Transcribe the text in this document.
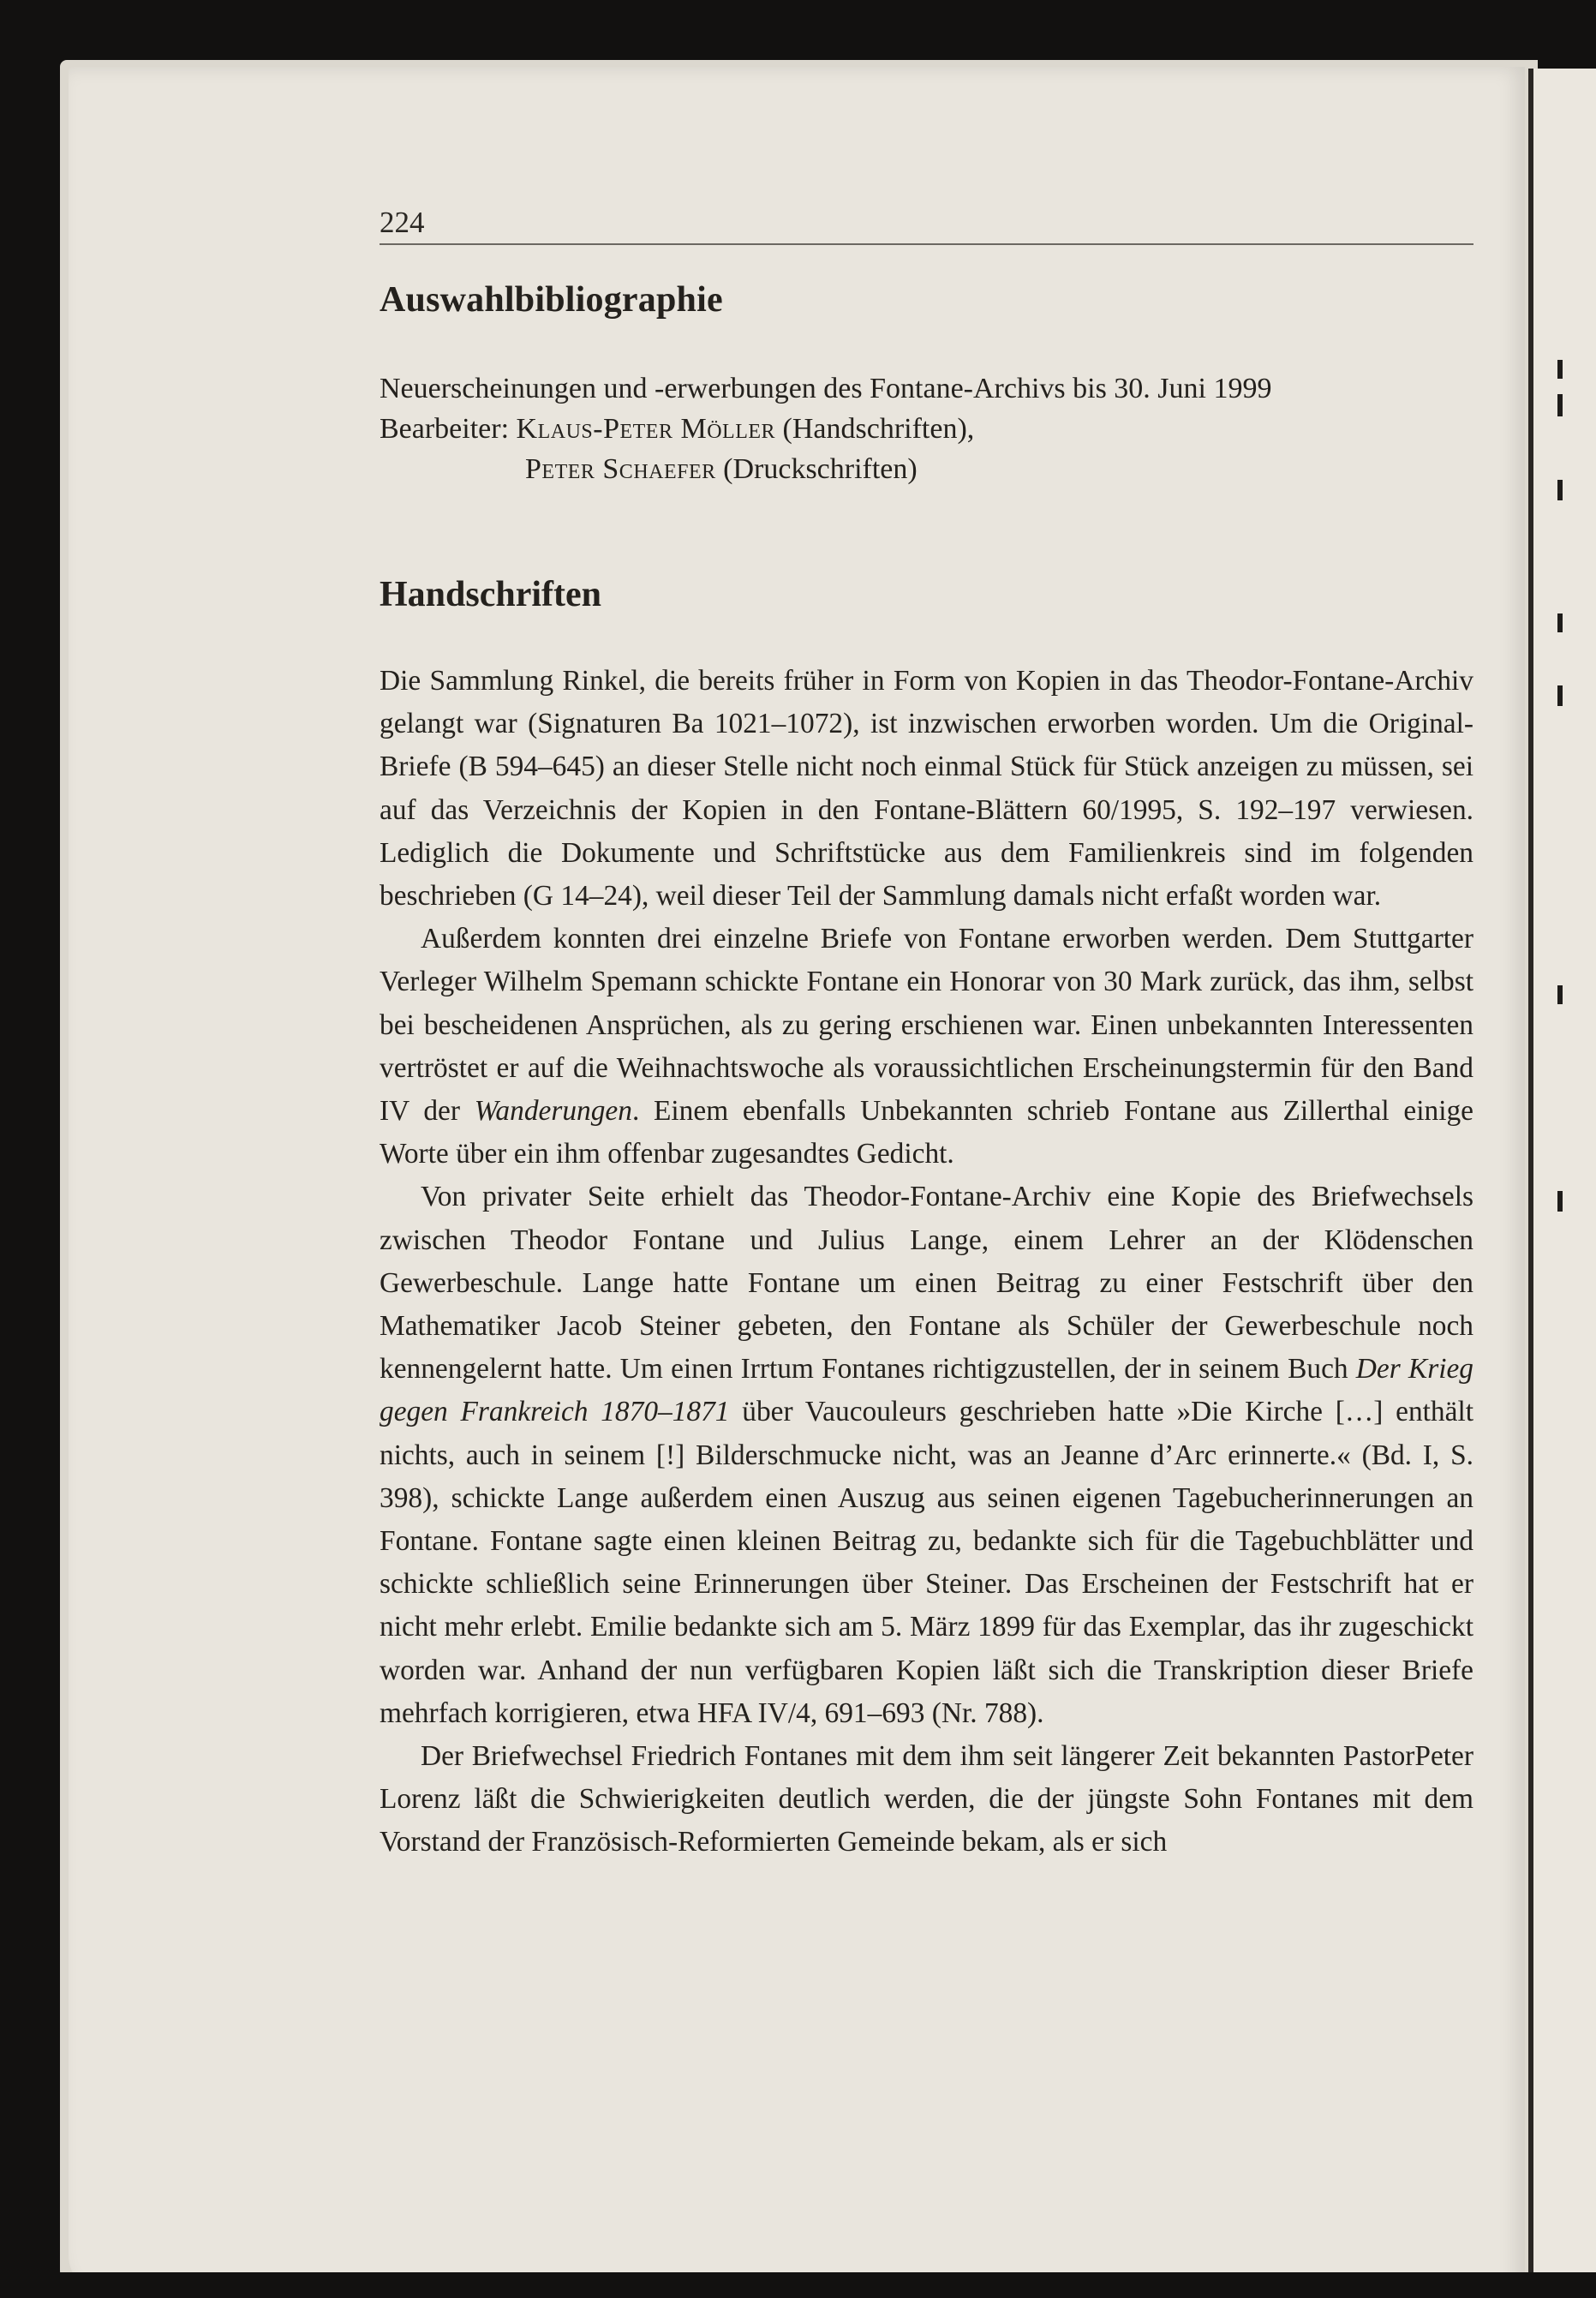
224
Auswahlbibliographie
Neuerscheinungen und -erwerbungen des Fontane-Archivs bis 30. Juni 1999
Bearbeiter: Klaus-Peter Möller (Handschriften),
Peter Schaefer (Druckschriften)
Handschriften

Die Sammlung Rinkel, die bereits früher in Form von Kopien in das Theodor-Fontane-Archiv gelangt war (Signaturen Ba 1021–1072), ist inzwischen erworben worden. Um die Original-Briefe (B 594–645) an dieser Stelle nicht noch einmal Stück für Stück anzeigen zu müssen, sei auf das Verzeichnis der Kopien in den Fontane-Blättern 60/1995, S. 192–197 verwiesen. Lediglich die Dokumente und Schriftstücke aus dem Familienkreis sind im folgenden beschrieben (G 14–24), weil dieser Teil der Sammlung damals nicht erfaßt worden war.

Außerdem konnten drei einzelne Briefe von Fontane erworben werden. Dem Stuttgarter Verleger Wilhelm Spemann schickte Fontane ein Honorar von 30 Mark zurück, das ihm, selbst bei bescheidenen Ansprüchen, als zu gering erschienen war. Einen unbekannten Interessenten vertröstet er auf die Weihnachtswoche als voraussichtlichen Erscheinungstermin für den Band IV der Wanderungen. Einem ebenfalls Unbekannten schrieb Fontane aus Zillerthal einige Worte über ein ihm offenbar zugesandtes Gedicht.

Von privater Seite erhielt das Theodor-Fontane-Archiv eine Kopie des Briefwechsels zwischen Theodor Fontane und Julius Lange, einem Lehrer an der Klödenschen Gewerbeschule. Lange hatte Fontane um einen Beitrag zu einer Festschrift über den Mathematiker Jacob Steiner gebeten, den Fontane als Schüler der Gewerbeschule noch kennengelernt hatte. Um einen Irrtum Fontanes richtigzustellen, der in seinem Buch Der Krieg gegen Frankreich 1870–1871 über Vaucouleurs geschrieben hatte »Die Kirche […] enthält nichts, auch in seinem [!] Bilderschmucke nicht, was an Jeanne d’Arc erinnerte.« (Bd. I, S. 398), schickte Lange außerdem einen Auszug aus seinen eigenen Tagebucherinnerungen an Fontane. Fontane sagte einen kleinen Beitrag zu, bedankte sich für die Tagebuchblätter und schickte schließlich seine Erinnerungen über Steiner. Das Erscheinen der Festschrift hat er nicht mehr erlebt. Emilie bedankte sich am 5. März 1899 für das Exemplar, das ihr zugeschickt worden war. Anhand der nun verfügbaren Kopien läßt sich die Transkription dieser Briefe mehrfach korrigieren, etwa HFA IV/4, 691–693 (Nr. 788).

Der Briefwechsel Friedrich Fontanes mit dem ihm seit längerer Zeit bekannten PastorPeter Lorenz läßt die Schwierigkeiten deutlich werden, die der jüngste Sohn Fontanes mit dem Vorstand der Französisch-Reformierten Gemeinde bekam, als er sich
